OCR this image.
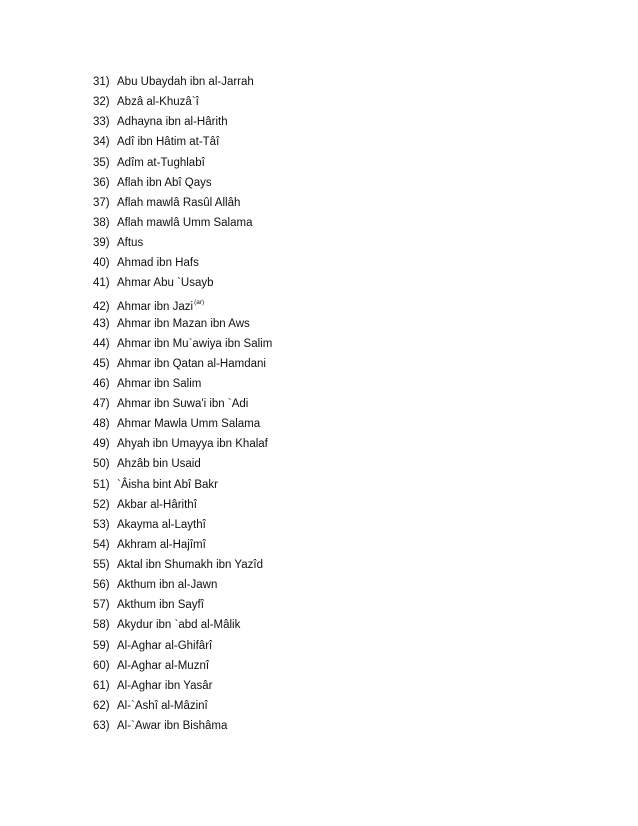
31) Abu Ubaydah ibn al-Jarrah
32) Abzâ al-Khuzâ`î
33) Adhayna ibn al-Hârith
34) Adî ibn Hâtim at-Tâî
35) Adîm at-Tughlabî
36) Aflah ibn Abî Qays
37) Aflah mawlâ Rasûl Allâh
38) Aflah mawlâ Umm Salama
39) Aftus
40) Ahmad ibn Hafs
41) Ahmar Abu `Usayb
42) Ahmar ibn Jazi$^{(ar)}$
43) Ahmar ibn Mazan ibn Aws
44) Ahmar ibn Mu`awiya ibn Salim
45) Ahmar ibn Qatan al-Hamdani
46) Ahmar ibn Salim
47) Ahmar ibn Suwa'i ibn `Adi
48) Ahmar Mawla Umm Salama
49) Ahyah ibn Umayya ibn Khalaf
50) Ahzâb bin Usaid
51) `Âisha bint Abî Bakr
52) Akbar al-Hârithî
53) Akayma al-Laythî
54) Akhram al-Hajîmî
55) Aktal ibn Shumakh ibn Yazîd
56) Akthum ibn al-Jawn
57) Akthum ibn Sayfî
58) Akydur ibn `abd al-Mâlik
59) Al-Aghar al-Ghifârî
60) Al-Aghar al-Muznî
61) Al-Aghar ibn Yasâr
62) Al-`Ashî al-Mâzinî
63) Al-`Awar ibn Bishâma
